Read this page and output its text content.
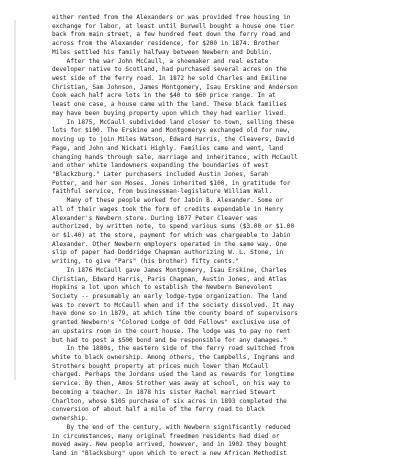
either rented from the Alexanders or was provided free housing in
exchange for labor, at least until Burwell bought a house one tier
back from main street, a few hundred feet down the ferry road and
across from the Alexander residence, for $200 in 1874. Brother
Miles settled his family halfway between Newbern and Dublin.
After the war John McCaull, a shoemaker and real estate
developer native to Scotland, had purchased several acres on the
west side of the ferry road. In 1872 he sold Charles and Emiline
Christian, Sam Johnson, James Montgomery, Isau Erskine and Anderson
Cook each half acre lots in the $40 to $60 price range. In at
least one case, a house came with the land. These black families
may have been buying property upon which they had earlier lived.
In 1875, McCaull subdivided land closer to town, selling these
lots for $100. The Erskine and Montgomerys exchanged old for new,
moving up to join Miles Watson, Edward Harris, the Cleavers, David
Page, and John and Nickati Highly. Families came and went, land
changing hands through sale, marriage and inheritance, with McCaull
and other white landowners expanding the boundaries of west
"Blackzburg." Later purchasers included Austin Jones, Sarah
Potter, and her son Moses. Jones inherited $100, in gratitude for
faithful service, from businessman-legislature William Wall.
Many of these people worked for Jabin B. Alexander. Some or
all of their wages took the form of credits expendable in Henry
Alexander's Newbern store. During 1877 Peter Cleaver was
authorized, by written note, to spend various sums ($3.00 or $1.00
or $1.40) at the store, payment for which was chargeable to Jabin
Alexander. Other Newbern employers operated in the same way. One
slip of paper had Doddridge Chapman authorizing W. L. Stone, in
writing, to give "Pars" (his brother) fifty cents."
In 1876 McCaull gave James Montgomery, Isau Erskine, Charles
Christian, Edward Harris, Paris Chapman, Austin Jones, and Atlas
Hopkins a lot upon which to establish the Newbern Benevolent
Society -- presumably an early lodge-type organization. The land
was to revert to McCaull when and if the society dissolved. It may
have done so in 1879, at which time the county board of supervisors
granted Newbern's "Colored Lodge of Odd Fellows" exclusive use of
an upstairs room in the court house. The lodge was to pay no rent
but had to post a $500 bond and be responsible for any damages."
In the 1880s, the eastern side of the ferry road switched from
white to black ownership. Among others, the Campbells, Ingrams and
Strothers bought property at prices much lower than McCaull
charged. Perhaps the Jordans used the land as rewards for longtime
service. By then, Amos Strother was away at school, on his way to
becoming a teacher. In 1878 his sister Rachel married Stewart
Charlton, whose $105 purchase of six acres in 1893 completed the
conversion of about half a mile of the ferry road to black
ownership.
By the end of the century, with Newbern significantly reduced
in circumstances, many original freedmen residents had died or
moved away. New people arrived, however, and in 1902 they bought
land in "Blacksburg" upon which to erect a new African Methodist
